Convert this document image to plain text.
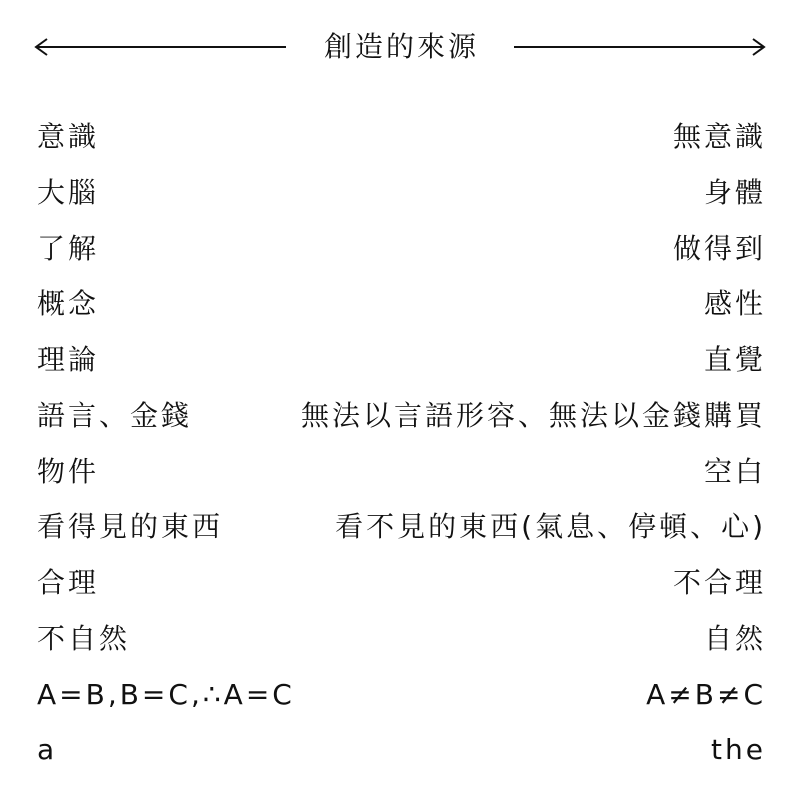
創造的來源
意識	無意識
大腦	身體
了解	做得到
概念	感性
理論	直覺
語言、金錢	無法以言語形容、無法以金錢購買
物件	空白
看得見的東西	看不見的東西(氣息、停頓、心)
合理	不合理
不自然	自然
A=B,B=C,∴A=C	A≠B≠C
a	the
